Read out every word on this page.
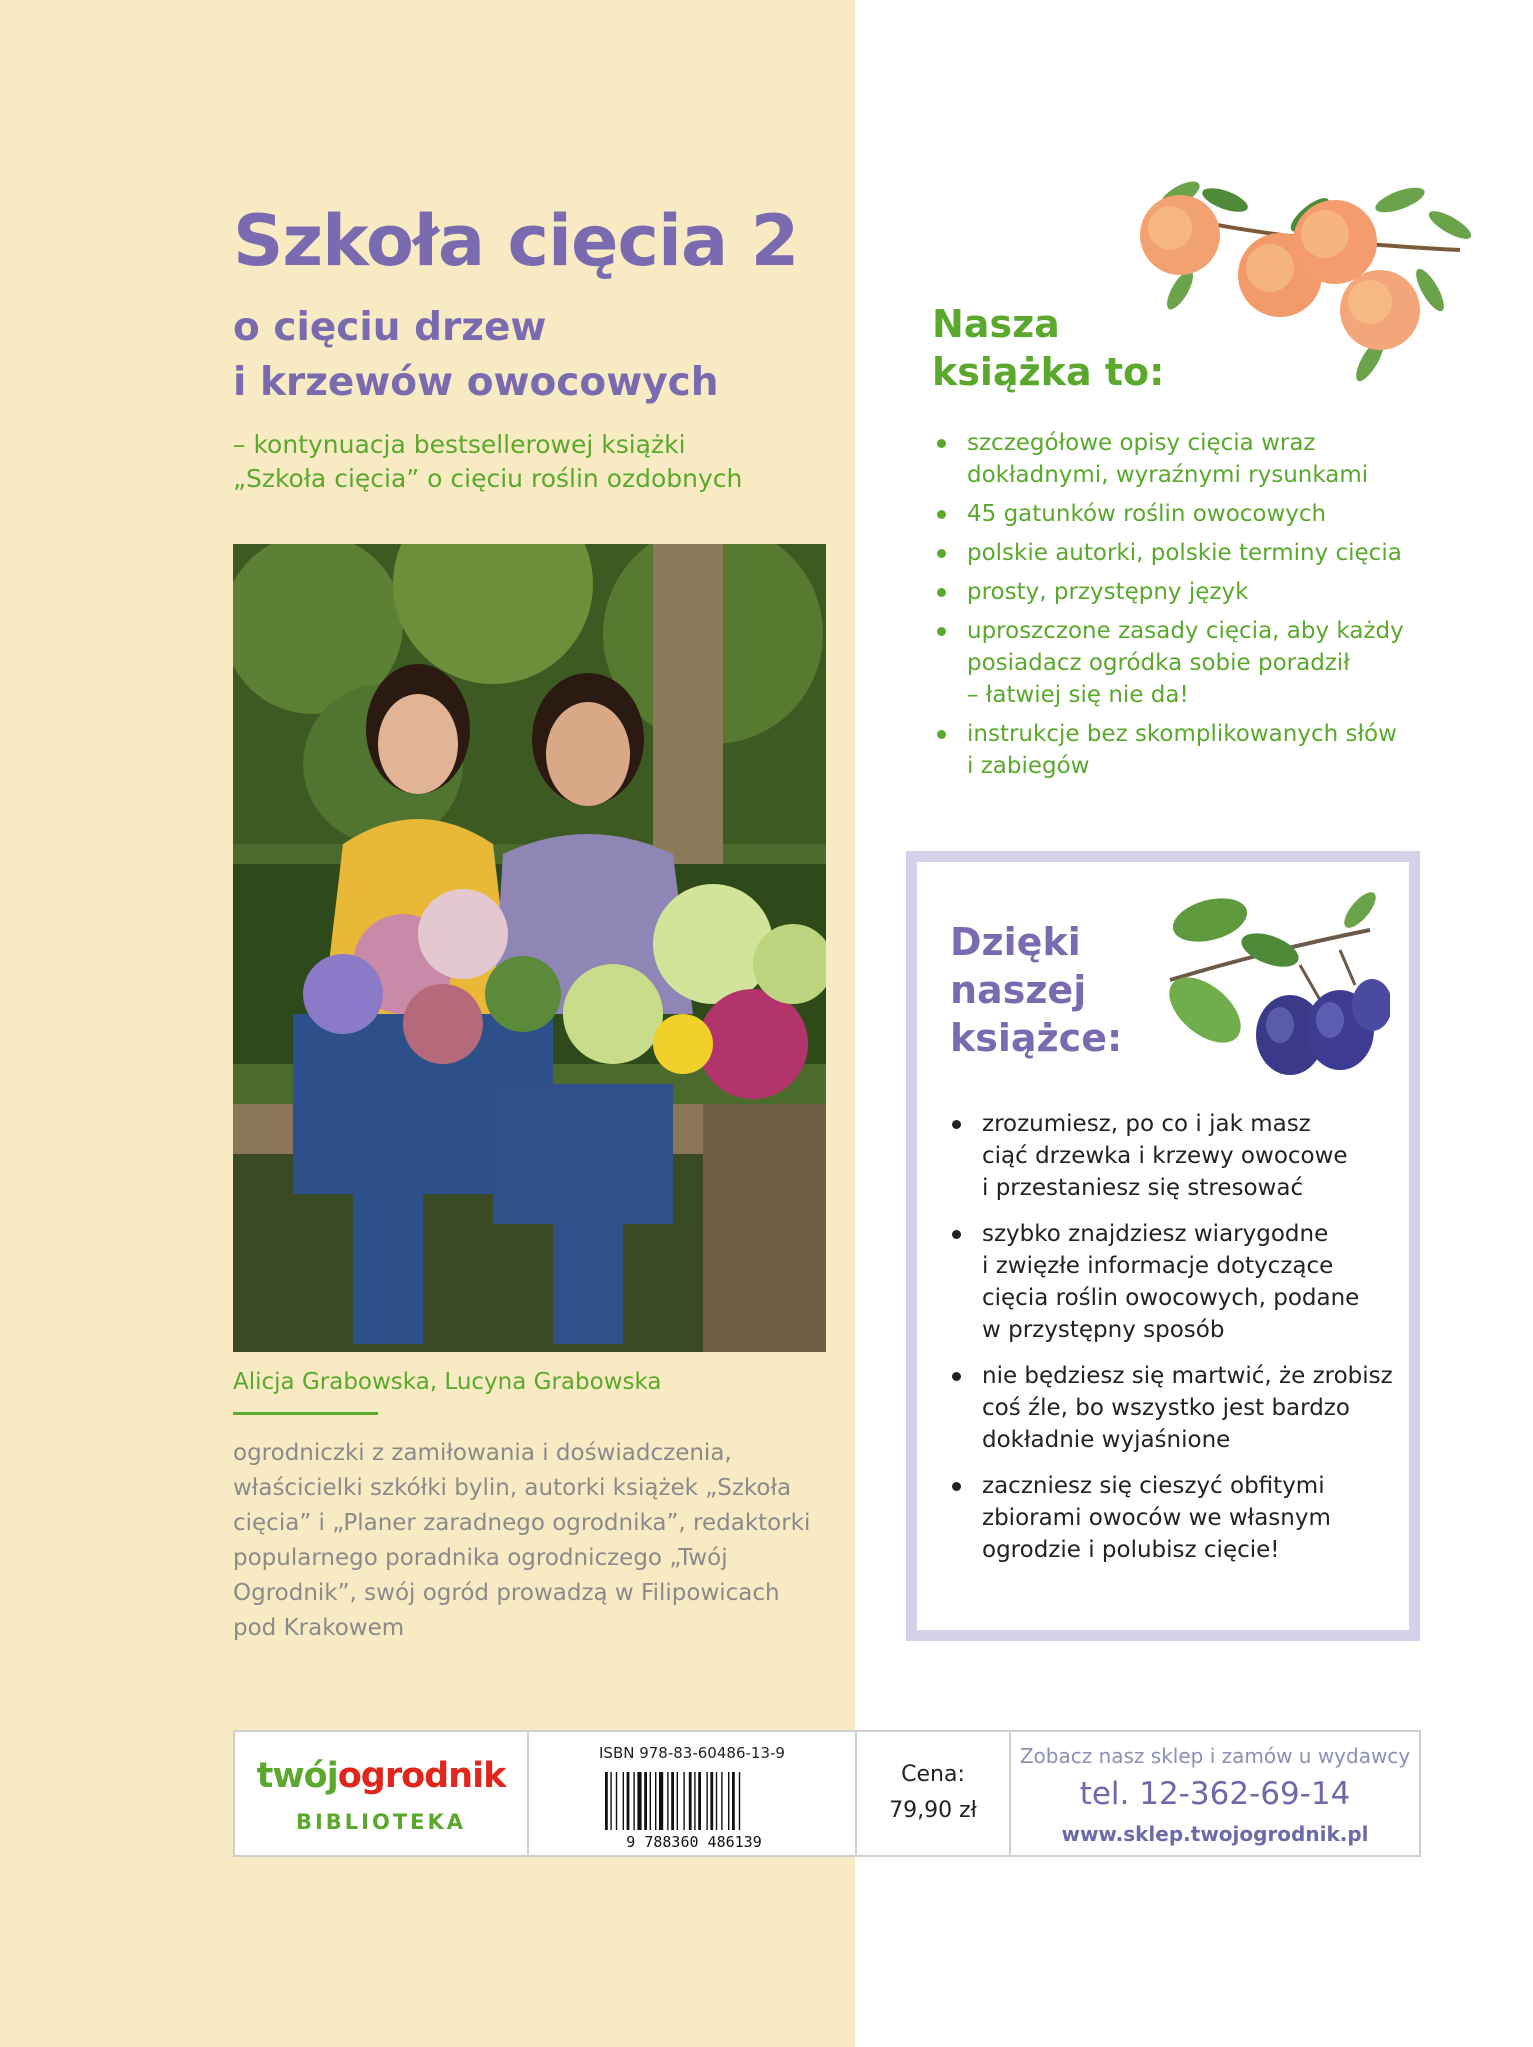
Szkoła cięcia 2
o cięciu drzew
i krzewów owocowych
– kontynuacja bestsellerowej książki
„Szkoła cięcia” o cięciu roślin ozdobnych
Alicja Grabowska, Lucyna Grabowska
ogrodniczki z zamiłowania i doświadczenia,
właścicielki szkółki bylin, autorki książek „Szkoła
cięcia” i „Planer zaradnego ogrodnika”, redaktorki
popularnego poradnika ogrodniczego „Twój
Ogrodnik”, swój ogród prowadzą w Filipowicach
pod Krakowem
Nasza
książka to:
szczegółowe opisy cięcia wraz
dokładnymi, wyraźnymi rysunkami
45 gatunków roślin owocowych
polskie autorki, polskie terminy cięcia
prosty, przystępny język
uproszczone zasady cięcia, aby każdy
posiadacz ogródka sobie poradził
– łatwiej się nie da!
instrukcje bez skomplikowanych słów
i zabiegów
Dzięki
naszej
książce:
zrozumiesz, po co i jak masz
ciąć drzewka i krzewy owocowe
i przestaniesz się stresować
szybko znajdziesz wiarygodne
i zwięzłe informacje dotyczące
cięcia roślin owocowych, podane
w przystępny sposób
nie będziesz się martwić, że zrobisz
coś źle, bo wszystko jest bardzo
dokładnie wyjaśnione
zaczniesz się cieszyć obfitymi
zbiorami owoców we własnym
ogrodzie i polubisz cięcie!
twójogrodnik
BIBLIOTEKA
ISBN 978-83-60486-13-9
9 788360 486139
Cena:
79,90 zł
Zobacz nasz sklep i zamów u wydawcy
tel. 12-362-69-14
www.sklep.twojogrodnik.pl
